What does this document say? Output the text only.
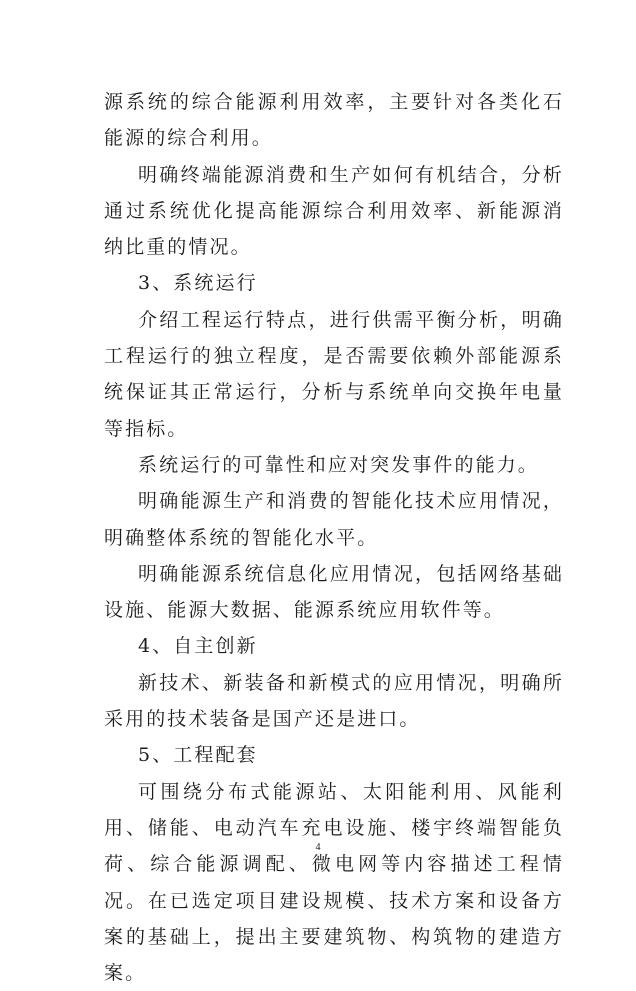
源系统的综合能源利用效率，主要针对各类化石能源的综合利用。

明确终端能源消费和生产如何有机结合，分析通过系统优化提高能源综合利用效率、新能源消纳比重的情况。

3、系统运行

介绍工程运行特点，进行供需平衡分析，明确工程运行的独立程度，是否需要依赖外部能源系统保证其正常运行，分析与系统单向交换年电量等指标。

系统运行的可靠性和应对突发事件的能力。

明确能源生产和消费的智能化技术应用情况，明确整体系统的智能化水平。

明确能源系统信息化应用情况，包括网络基础设施、能源大数据、能源系统应用软件等。

4、自主创新

新技术、新装备和新模式的应用情况，明确所采用的技术装备是国产还是进口。

5、工程配套

可围绕分布式能源站、太阳能利用、风能利用、储能、电动汽车充电设施、楼宇终端智能负荷、综合能源调配、微电网等内容描述工程情况。在已选定项目建设规模、技术方案和设备方案的基础上，提出主要建筑物、构筑物的建造方案。

4
